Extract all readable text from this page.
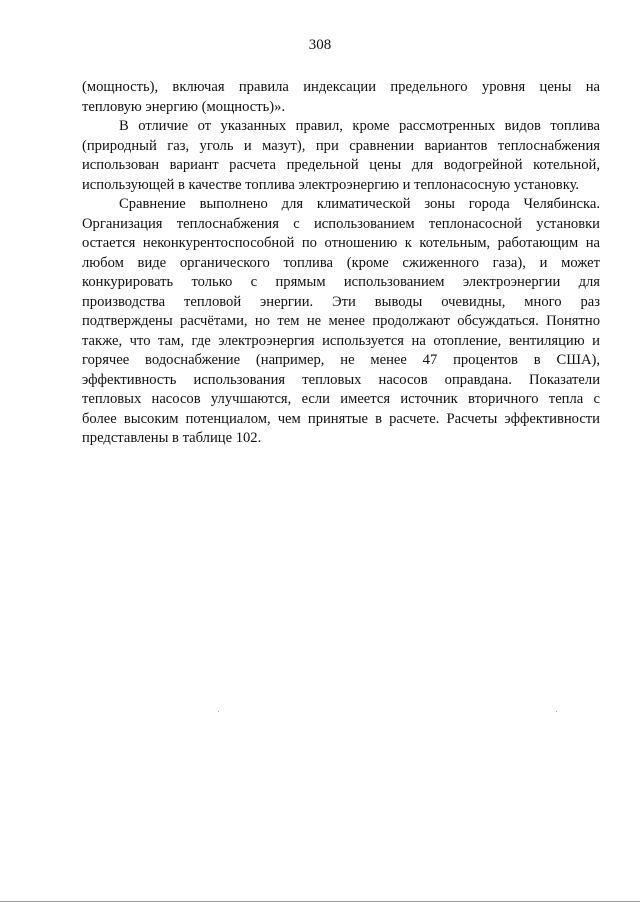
308
(мощность), включая правила индексации предельного уровня цены на
тепловую энергию (мощность)».
В отличие от указанных правил, кроме рассмотренных видов топлива
(природный газ, уголь и мазут), при сравнении вариантов теплоснабжения
использован вариант расчета предельной цены для водогрейной котельной,
использующей в качестве топлива электроэнергию и теплонасосную установку.
Сравнение выполнено для климатической зоны города Челябинска.
Организация теплоснабжения с использованием теплонасосной установки
остается неконкурентоспособной по отношению к котельным, работающим на
любом виде органического топлива (кроме сжиженного газа), и может
конкурировать только с прямым использованием электроэнергии для
производства тепловой энергии. Эти выводы очевидны, много раз
подтверждены расчётами, но тем не менее продолжают обсуждаться. Понятно
также, что там, где электроэнергия используется на отопление, вентиляцию и
горячее водоснабжение (например, не менее 47 процентов в США),
эффективность использования тепловых насосов оправдана. Показатели
тепловых насосов улучшаются, если имеется источник вторичного тепла с
более высоким потенциалом, чем принятые в расчете. Расчеты эффективности
представлены в таблице 102.
